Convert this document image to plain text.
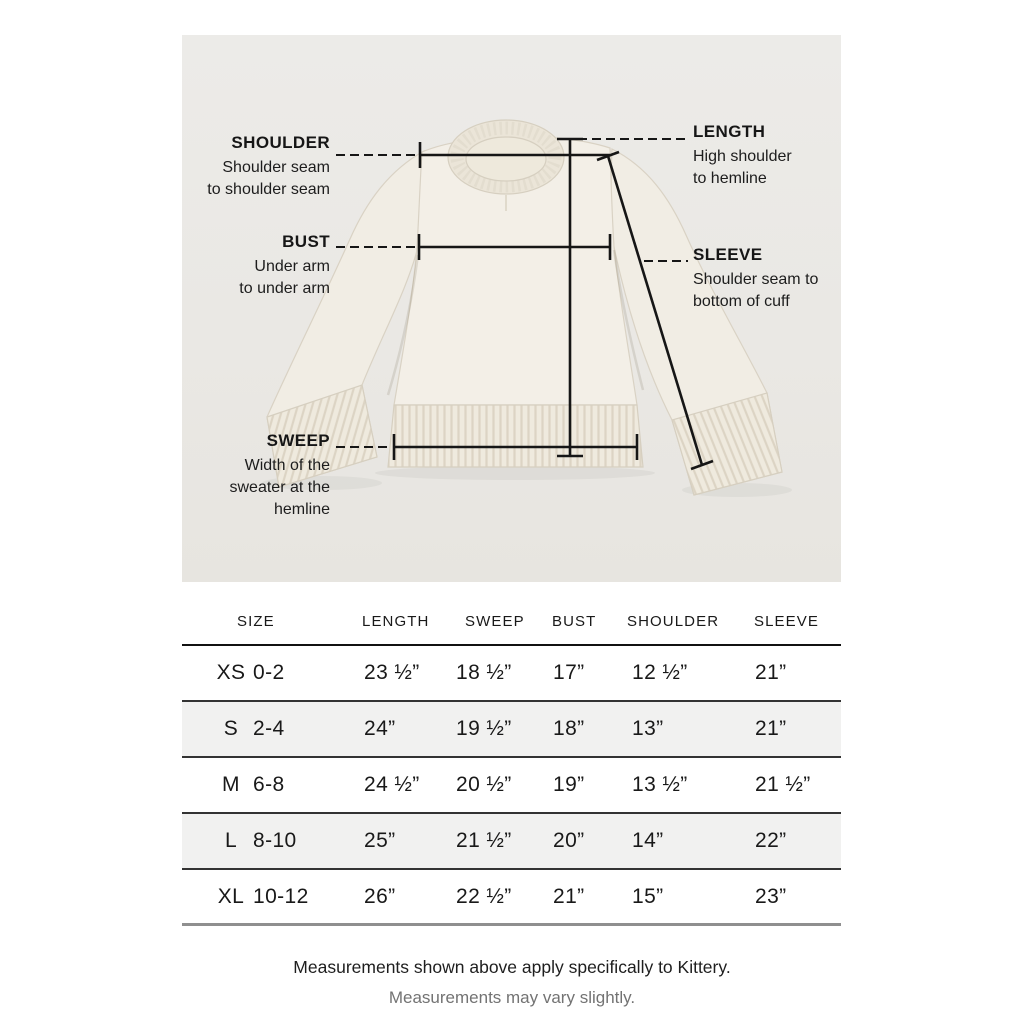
SHOULDER
Shoulder seam
to shoulder seam
BUST
Under arm
to under arm
SWEEP
Width of the
sweater at the
hemline
LENGTH
High shoulder
to hemline
SLEEVE
Shoulder seam to
bottom of cuff
SIZE	LENGTH	SWEEP	BUST	SHOULDER	SLEEVE
XS 0-2	23 ½”	18 ½”	17”	12 ½”	21”
S 2-4	24”	19 ½”	18”	13”	21”
M 6-8	24 ½”	20 ½”	19”	13 ½”	21 ½”
L 8-10	25”	21 ½”	20”	14”	22”
XL 10-12	26”	22 ½”	21”	15”	23”
Measurements shown above apply specifically to Kittery.
Measurements may vary slightly.
